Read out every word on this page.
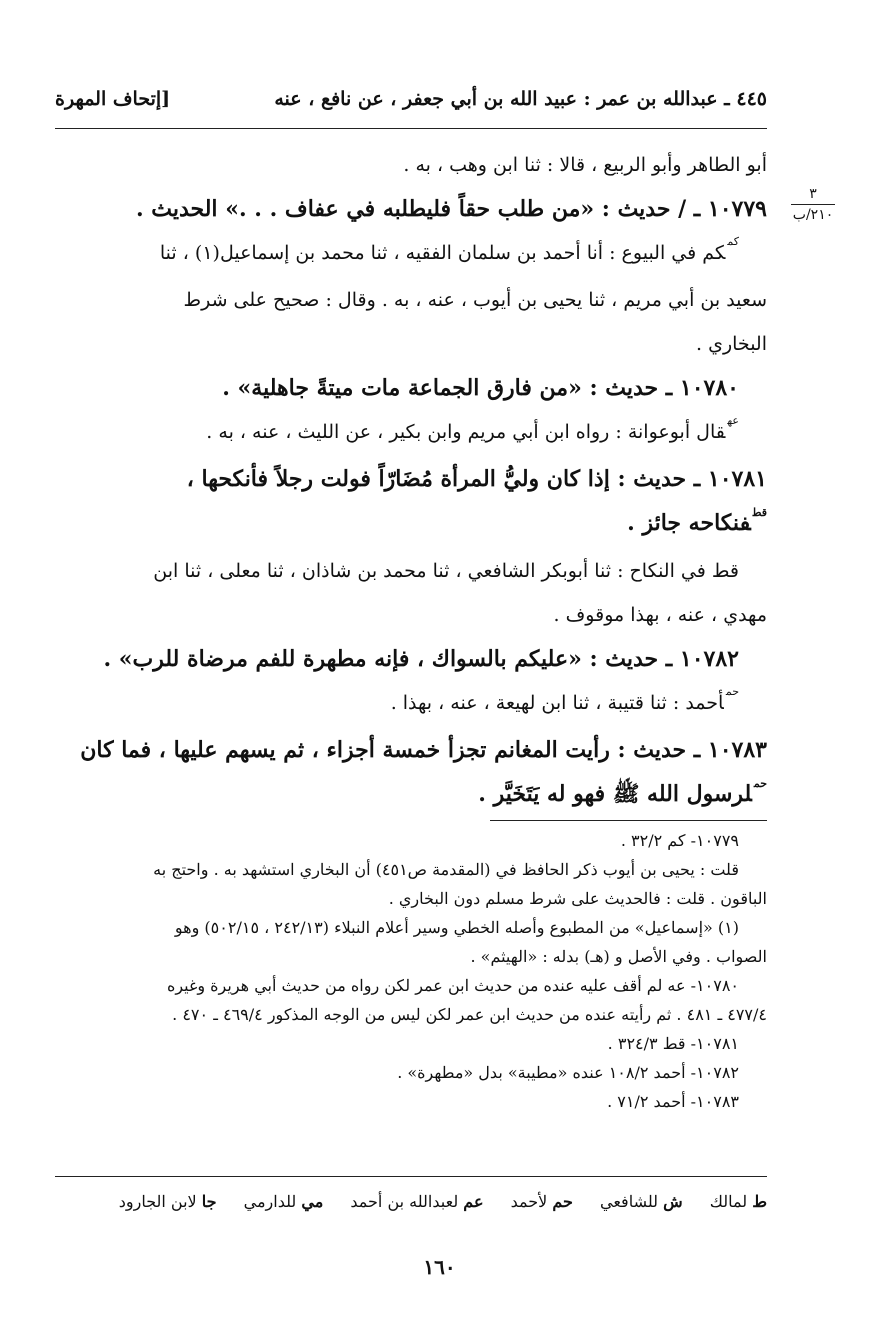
٤٤٥ ـ عبدالله بن عمر : عبيد الله بن أبي جعفر ، عن نافع ، عنه
[إتحاف المهرة
٣
٢١٠/ب

أبو الطاهر وأبو الربيع ، قالا : ثنا ابن وهب ، به .

١٠٧٧٩ ـ / حديث : «من طلب حقاً فليطلبه في عفاف . . .» الحديث .

$^{كم}$كم في البيوع : أنا أحمد بن سلمان الفقيه ، ثنا محمد بن إسماعيل(١) ، ثنا

سعيد بن أبي مريم ، ثنا يحيى بن أيوب ، عنه ، به . وقال : صحيح على شرط

البخاري .

١٠٧٨٠ ـ حديث : «من فارق الجماعة مات ميتةً جاهلية» .

$^{عه}$قال أبوعوانة : رواه ابن أبي مريم وابن بكير ، عن الليث ، عنه ، به .

١٠٧٨١ ـ حديث : إذا كان وليُّ المرأة مُضَارّاً فولت رجلاً فأنكحها ،

$^{قط}$فنكاحه جائز .

قط في النكاح : ثنا أبوبكر الشافعي ، ثنا محمد بن شاذان ، ثنا معلى ، ثنا ابن

مهدي ، عنه ، بهذا موقوف .

١٠٧٨٢ ـ حديث : «عليكم بالسواك ، فإنه مطهرة للفم مرضاة للرب» .

$^{حم}$أحمد : ثنا قتيبة ، ثنا ابن لهيعة ، عنه ، بهذا .

١٠٧٨٣ ـ حديث : رأيت المغانم تجزأ خمسة أجزاء ، ثم يسهم عليها ، فما كان

$^{حم}$لرسول الله ﷺ فهو له يَتَخَيَّر .

١٠٧٧٩- كم ٣٢/٢ .

قلت : يحيى بن أيوب ذكر الحافظ في (المقدمة ص٤٥١) أن البخاري استشهد به . واحتج به

الباقون . قلت : فالحديث على شرط مسلم دون البخاري .

(١) «إسماعيل» من المطبوع وأصله الخطي وسير أعلام النبلاء (٢٤٢/١٣ ، ٥٠٢/١٥) وهو

الصواب . وفي الأصل و (هـ) بدله : «الهيثم» .

١٠٧٨٠- عه لم أقف عليه عنده من حديث ابن عمر لكن رواه من حديث أبي هريرة وغيره

٤٧٧/٤ ـ ٤٨١ . ثم رأيته عنده من حديث ابن عمر لكن ليس من الوجه المذكور ٤٦٩/٤ ـ ٤٧٠ .

١٠٧٨١- قط ٣٢٤/٣ .

١٠٧٨٢- أحمد ١٠٨/٢ عنده «مطيبة» بدل «مطهرة» .

١٠٧٨٣- أحمد ٧١/٢ .

ط لمالك ش للشافعي حم لأحمد عم لعبدالله بن أحمد مي للدارمي جا لابن الجارود
١٦٠
